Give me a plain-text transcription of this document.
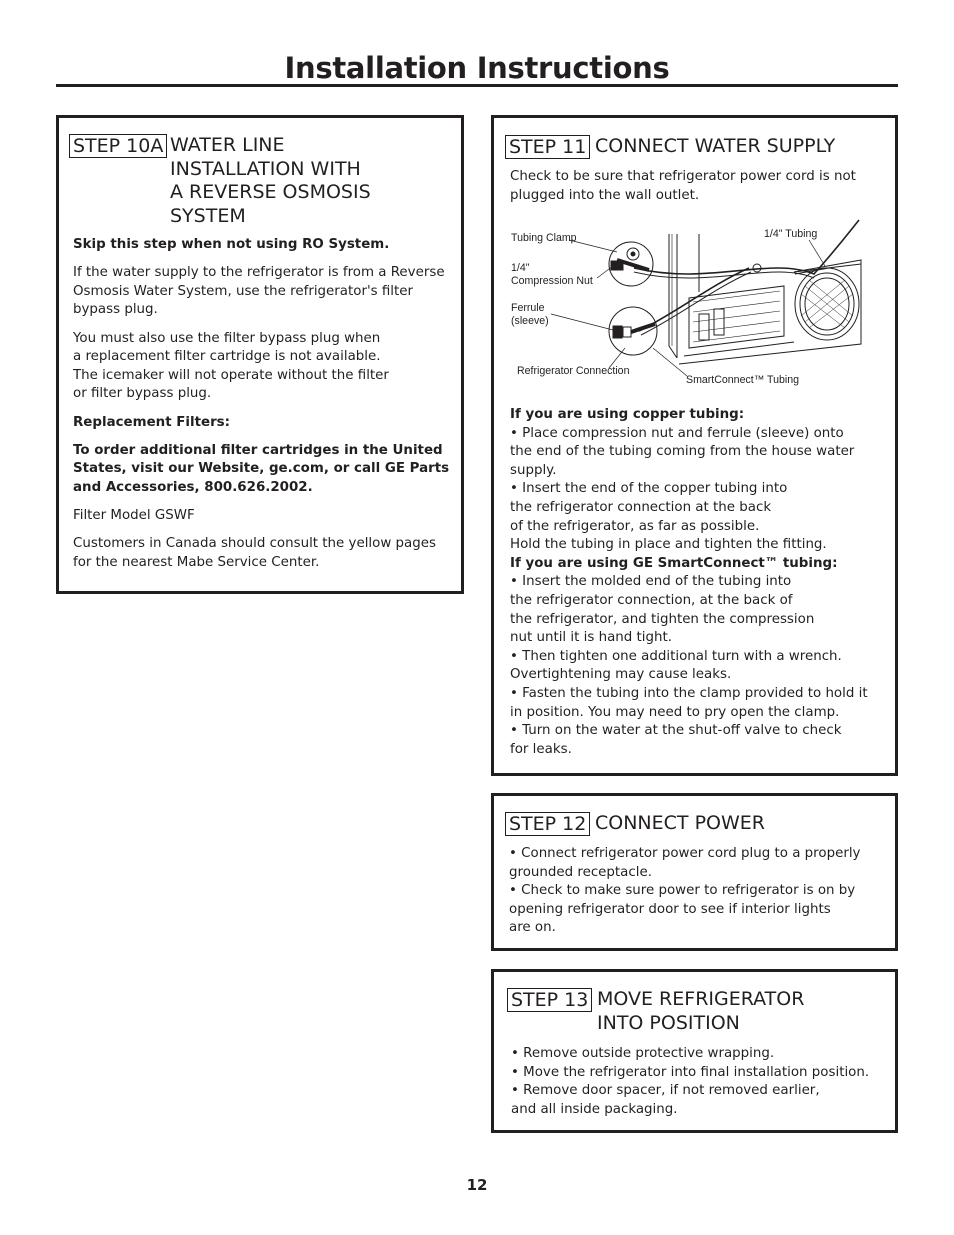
Installation Instructions
STEP 10A WATER LINE
INSTALLATION WITH
A REVERSE OSMOSIS
SYSTEM

Skip this step when not using RO System.

If the water supply to the refrigerator is from a Reverse
Osmosis Water System, use the refrigerator's filter
bypass plug.

You must also use the filter bypass plug when
a replacement filter cartridge is not available.
The icemaker will not operate without the filter
or filter bypass plug.

Replacement Filters:

To order additional filter cartridges in the United
States, visit our Website, ge.com, or call GE Parts
and Accessories, 800.626.2002.

Filter Model GSWF

Customers in Canada should consult the yellow pages
for the nearest Mabe Service Center.

STEP 11 CONNECT WATER SUPPLY

Check to be sure that refrigerator power cord is not
plugged into the wall outlet.

Tubing Clamp
1/4"
Compression Nut
Ferrule
(sleeve)
Refrigerator Connection
1/4" Tubing
SmartConnect™ Tubing

If you are using copper tubing:

• Place compression nut and ferrule (sleeve) onto
the end of the tubing coming from the house water
supply.

• Insert the end of the copper tubing into
the refrigerator connection at the back
of the refrigerator, as far as possible.
Hold the tubing in place and tighten the fitting.

If you are using GE SmartConnect™ tubing:

• Insert the molded end of the tubing into
the refrigerator connection, at the back of
the refrigerator, and tighten the compression
nut until it is hand tight.

• Then tighten one additional turn with a wrench.
Overtightening may cause leaks.

• Fasten the tubing into the clamp provided to hold it
in position. You may need to pry open the clamp.

• Turn on the water at the shut-off valve to check
for leaks.

STEP 12 CONNECT POWER

• Connect refrigerator power cord plug to a properly
grounded receptacle.

• Check to make sure power to refrigerator is on by
opening refrigerator door to see if interior lights
are on.

STEP 13 MOVE REFRIGERATOR
INTO POSITION

• Remove outside protective wrapping.

• Move the refrigerator into final installation position.

• Remove door spacer, if not removed earlier,
and all inside packaging.

12
